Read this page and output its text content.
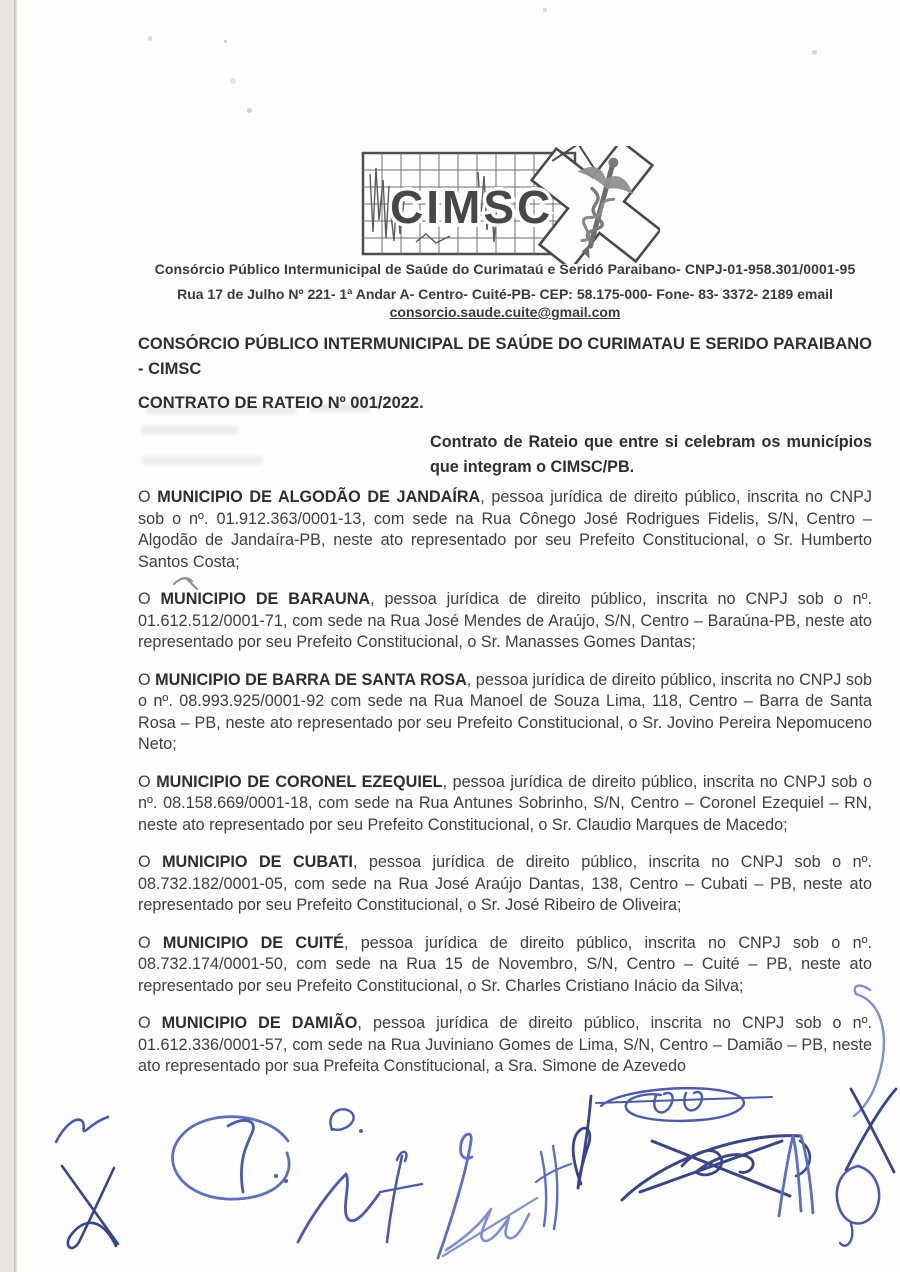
CIMSC
Consórcio Público Intermunicipal de Saúde do Curimataú e Seridó Paraibano- CNPJ-01-958.301/0001-95
Rua 17 de Julho Nº 221- 1ª Andar A- Centro- Cuité-PB- CEP: 58.175-000- Fone- 83- 3372- 2189 email
consorcio.saude.cuite@gmail.com
CONSÓRCIO PÚBLICO INTERMUNICIPAL DE SAÚDE DO CURIMATAU E SERIDO PARAIBANO - CIMSC
CONTRATO DE RATEIO Nº 001/2022.
Contrato de Rateio que entre si celebram os municípios que integram o CIMSC/PB.

O MUNICIPIO DE ALGODÃO DE JANDAÍRA, pessoa jurídica de direito público, inscrita no CNPJ sob o nº. 01.912.363/0001-13, com sede na Rua Cônego José Rodrigues Fidelis, S/N, Centro – Algodão de Jandaíra-PB, neste ato representado por seu Prefeito Constitucional, o Sr. Humberto Santos Costa;

O MUNICIPIO DE BARAUNA, pessoa jurídica de direito público, inscrita no CNPJ sob o nº. 01.612.512/0001-71, com sede na Rua José Mendes de Araújo, S/N, Centro – Baraúna-PB, neste ato representado por seu Prefeito Constitucional, o Sr. Manasses Gomes Dantas;

O MUNICIPIO DE BARRA DE SANTA ROSA, pessoa jurídica de direito público, inscrita no CNPJ sob o nº. 08.993.925/0001-92 com sede na Rua Manoel de Souza Lima, 118, Centro – Barra de Santa Rosa – PB, neste ato representado por seu Prefeito Constitucional, o Sr. Jovino Pereira Nepomuceno Neto;

O MUNICIPIO DE CORONEL EZEQUIEL, pessoa jurídica de direito público, inscrita no CNPJ sob o nº. 08.158.669/0001-18, com sede na Rua Antunes Sobrinho, S/N, Centro – Coronel Ezequiel – RN, neste ato representado por seu Prefeito Constitucional, o Sr. Claudio Marques de Macedo;

O MUNICIPIO DE CUBATI, pessoa jurídica de direito público, inscrita no CNPJ sob o nº. 08.732.182/0001-05, com sede na Rua José Araújo Dantas, 138, Centro – Cubati – PB, neste ato representado por seu Prefeito Constitucional, o Sr. José Ribeiro de Oliveira;

O MUNICIPIO DE CUITÉ, pessoa jurídica de direito público, inscrita no CNPJ sob o nº. 08.732.174/0001-50, com sede na Rua 15 de Novembro, S/N, Centro – Cuité – PB, neste ato representado por seu Prefeito Constitucional, o Sr. Charles Cristiano Inácio da Silva;

O MUNICIPIO DE DAMIÃO, pessoa jurídica de direito público, inscrita no CNPJ sob o nº. 01.612.336/0001-57, com sede na Rua Juviniano Gomes de Lima, S/N, Centro – Damião – PB, neste ato representado por sua Prefeita Constitucional, a Sra. Simone de Azevedo
